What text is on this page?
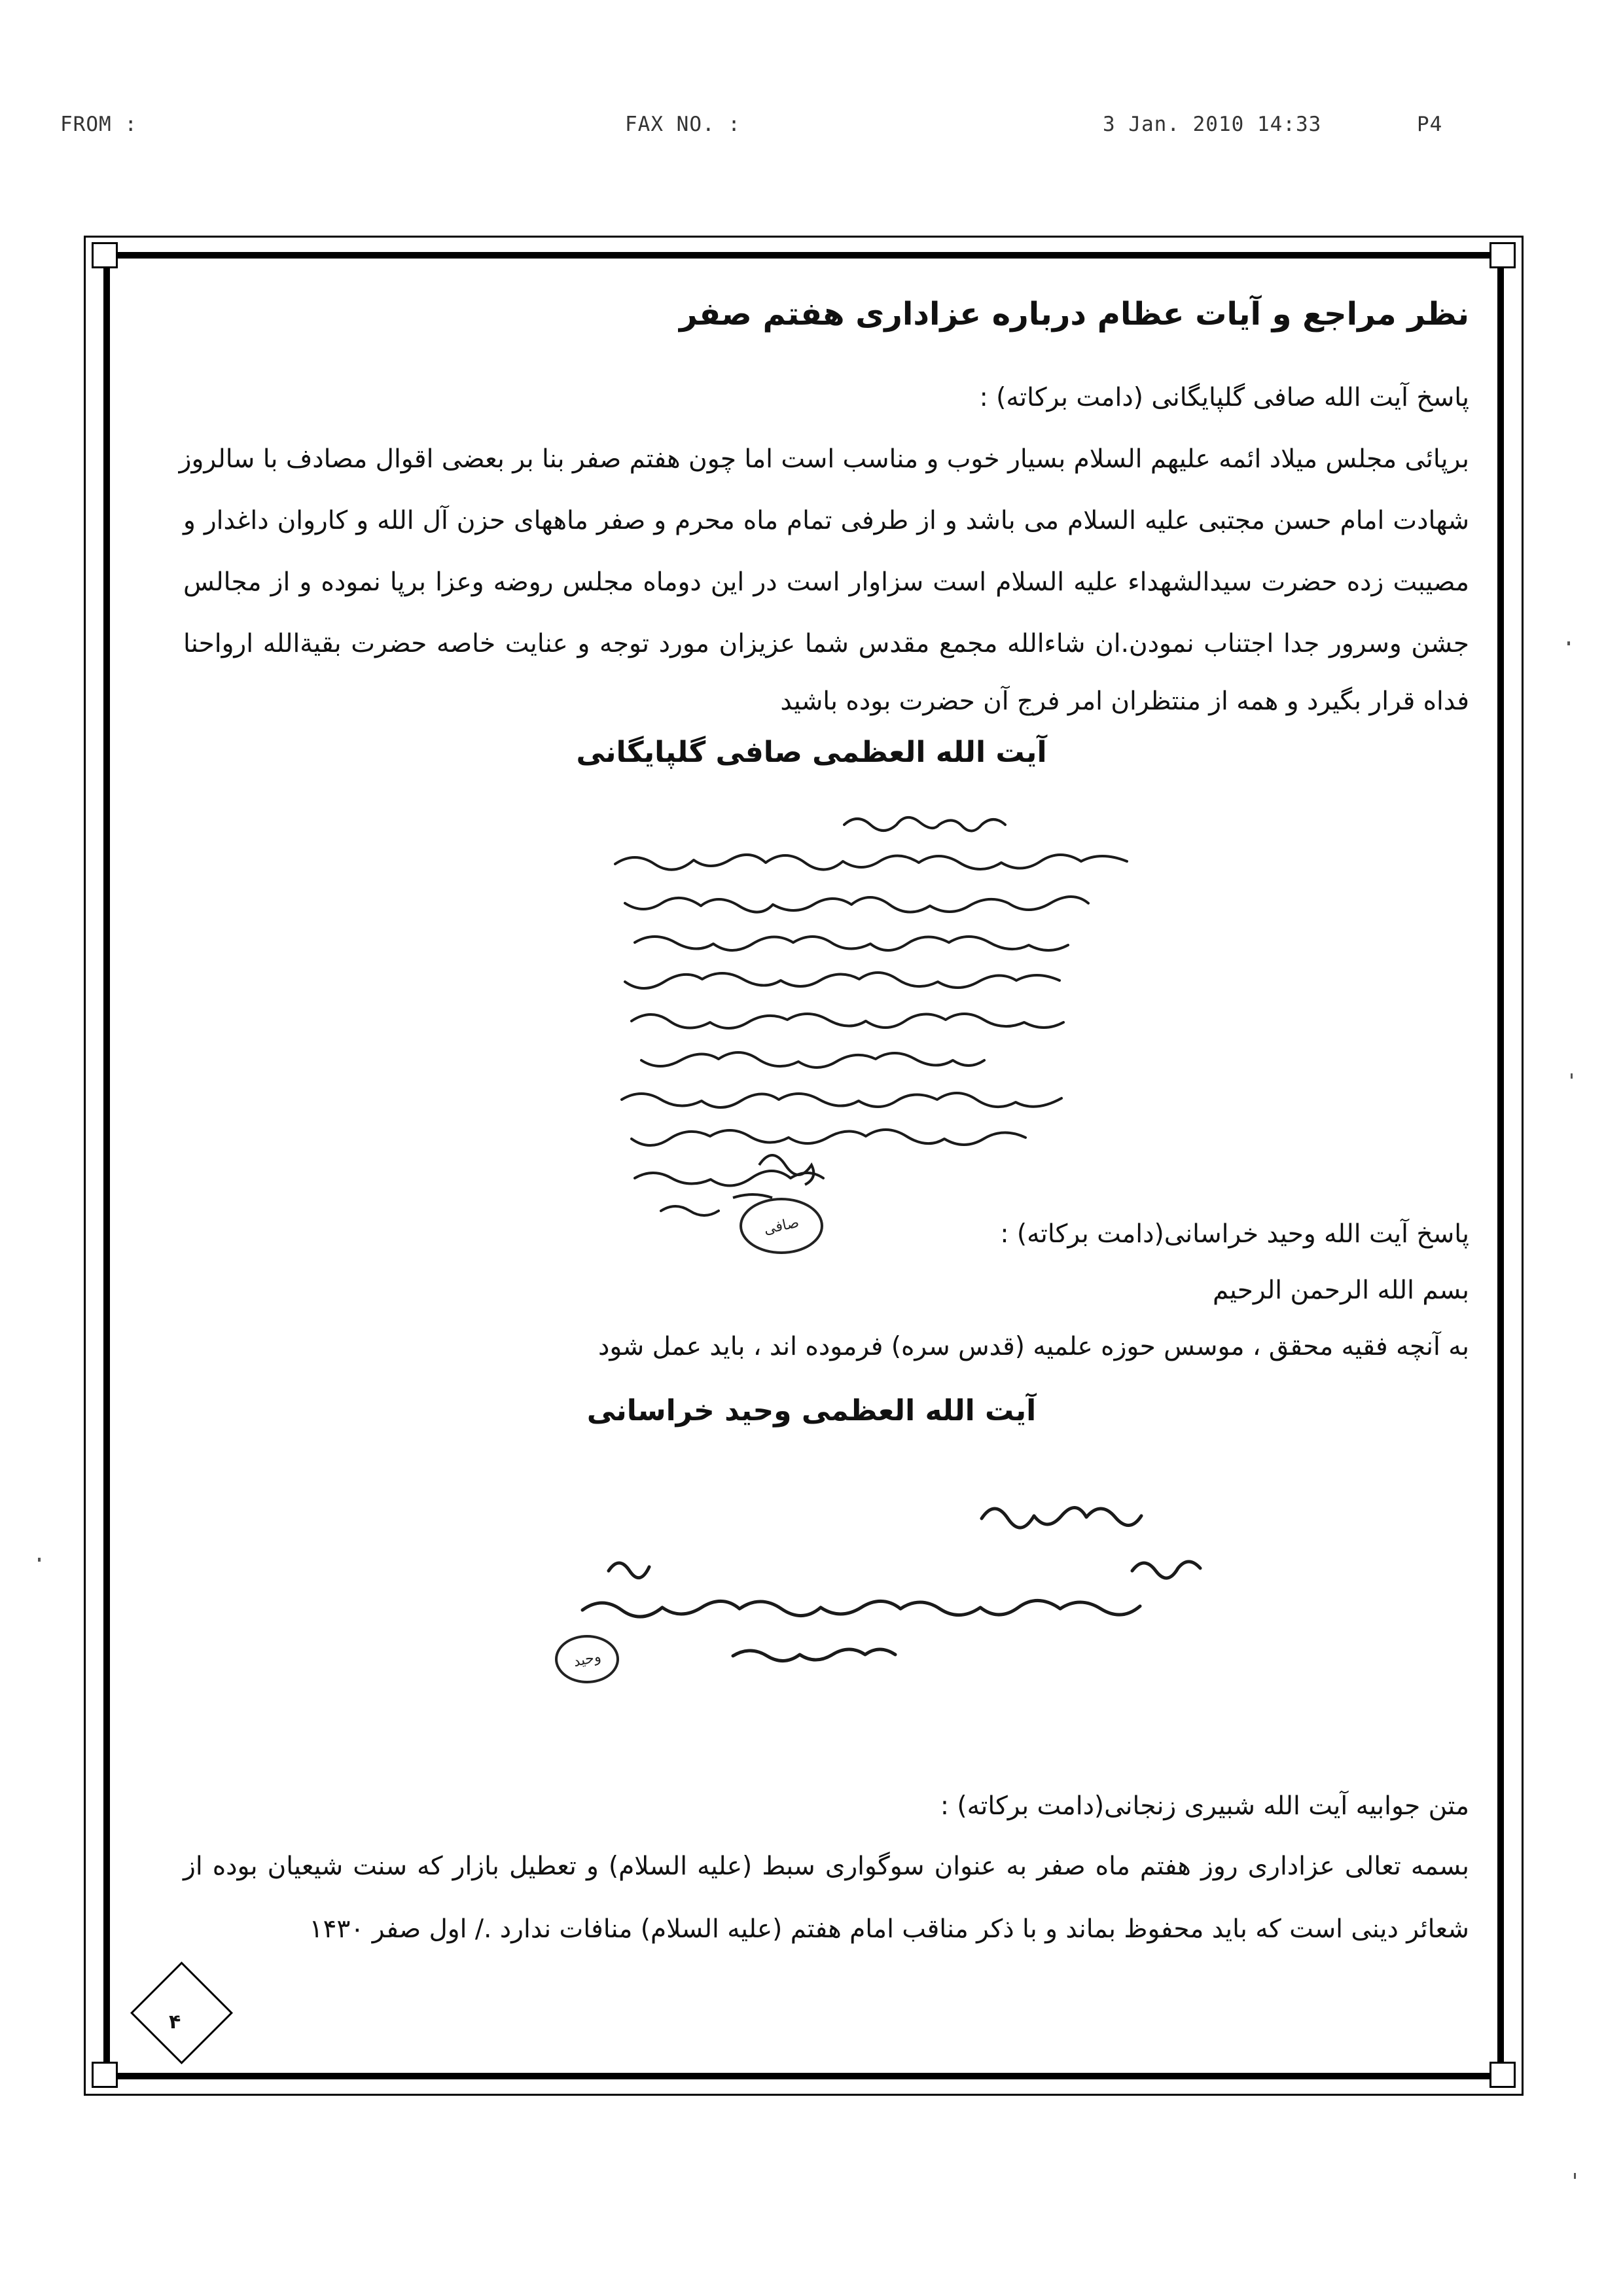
FROM :	FAX NO. :	3 Jan. 2010 14:33	P4
نظر مراجع و آیات عظام درباره عزاداری هفتم صفر
پاسخ آیت الله صافی گلپایگانی (دامت برکاته) :
برپائی مجلس میلاد ائمه علیهم السلام بسیار خوب و مناسب است اما چون هفتم صفر بنا بر بعضی اقوال مصادف با سالروز
شهادت امام حسن مجتبی علیه السلام می باشد و از طرفی تمام ماه محرم و صفر ماههای حزن آل الله و کاروان داغدار و
مصیبت زده حضرت سیدالشهداء علیه السلام است سزاوار است در این دوماه مجلس روضه وعزا برپا نموده و از مجالس
جشن وسرور جدا اجتناب نمودن.ان شاءالله مجمع مقدس شما عزیزان مورد توجه و عنایت خاصه حضرت بقیةالله ارواحنا
فداه قرار بگیرد و همه از منتظران امر فرج آن حضرت بوده باشید
آیت الله العظمی صافی گلپایگانی
صافی	پاسخ آیت الله وحید خراسانی(دامت برکاته) :
بسم الله الرحمن الرحیم
به آنچه فقیه محقق ، موسس حوزه علمیه (قدس سره) فرموده اند ، باید عمل شود
آیت الله العظمی وحید خراسانی
وحید
متن جوابیه آیت الله شبیری زنجانی(دامت برکاته) :
بسمه تعالی عزاداری روز هفتم ماه صفر به عنوان سوگواری سبط (علیه السلام) و تعطیل بازار که سنت شیعیان بوده از
شعائر دینی است که باید محفوظ بماند و با ذکر مناقب امام هفتم (علیه السلام) منافات ندارد ./ اول صفر ۱۴۳۰
۴
